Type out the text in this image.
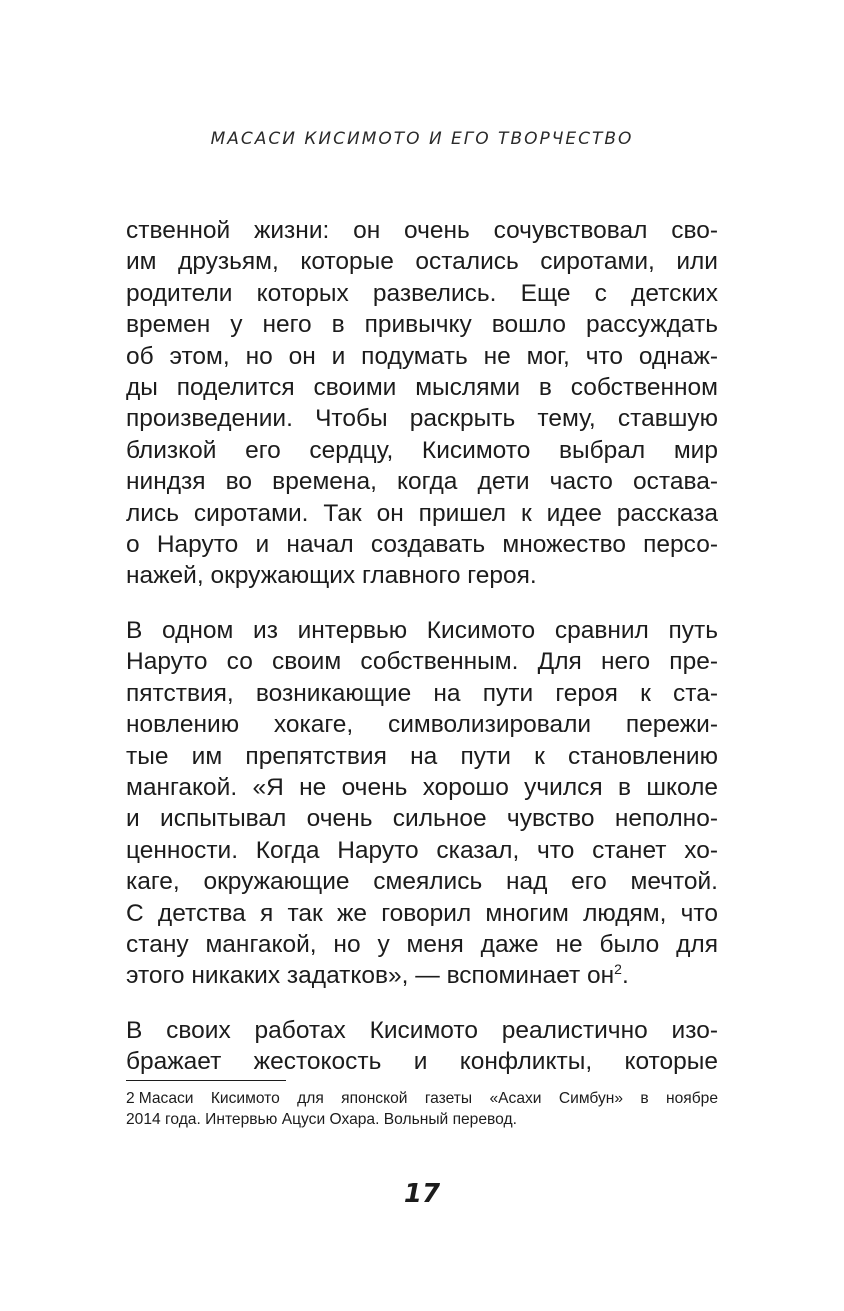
МАСАСИ КИСИМОТО И ЕГО ТВОРЧЕСТВО

ственной жизни: он очень сочувствовал сво-
им друзьям, которые остались сиротами, или
родители которых развелись. Еще с детских
времен у него в привычку вошло рассуждать
об этом, но он и подумать не мог, что однаж-
ды поделится своими мыслями в собственном
произведении. Чтобы раскрыть тему, ставшую
близкой его сердцу, Кисимото выбрал мир
ниндзя во времена, когда дети часто остава-
лись сиротами. Так он пришел к идее рассказа
о Наруто и начал создавать множество персо-
нажей, окружающих главного героя.

В одном из интервью Кисимото сравнил путь
Наруто со своим собственным. Для него пре-
пятствия, возникающие на пути героя к ста-
новлению хокаге, символизировали пережи-
тые им препятствия на пути к становлению
мангакой. «Я не очень хорошо учился в школе
и испытывал очень сильное чувство неполно-
ценности. Когда Наруто сказал, что станет хо-
каге, окружающие смеялись над его мечтой.
С детства я так же говорил многим людям, что
стану мангакой, но у меня даже не было для
этого никаких задатков», — вспоминает он$^2$.

В своих работах Кисимото реалистично изо-
бражает жестокость и конфликты, которые

2 Масаси Кисимото для японской газеты «Асахи Симбун» в ноябре
2014 года. Интервью Ацуси Охара. Вольный перевод.
17
